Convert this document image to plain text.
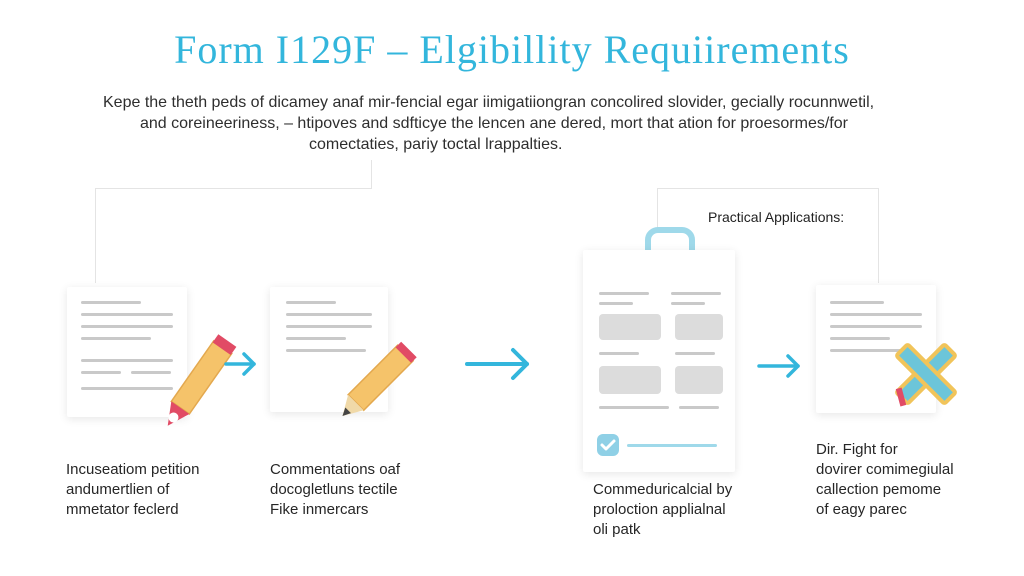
Form I129F – Elgibillity Requiirements
Kepe the theth peds of dicamey anaf mir-fencial egar iimigatiiongran concolired slovider, gecially rocunnwetil,
and coreineeriness, – htipoves and sdfticye the lencen ane dered, mort that ation for proesormes/for
comectaties, pariy toctal lrappalties.
Practical Applications:
Incuseatiom petition
andumertlien of
mmetator feclerd
Commentations oaf
docogletluns tectile
Fike inmercars
Commeduricalcial by
proloction applialnal
oli patk
Dir. Fight for
dovirer comimegiulal
callection pemome
of eagy parec
